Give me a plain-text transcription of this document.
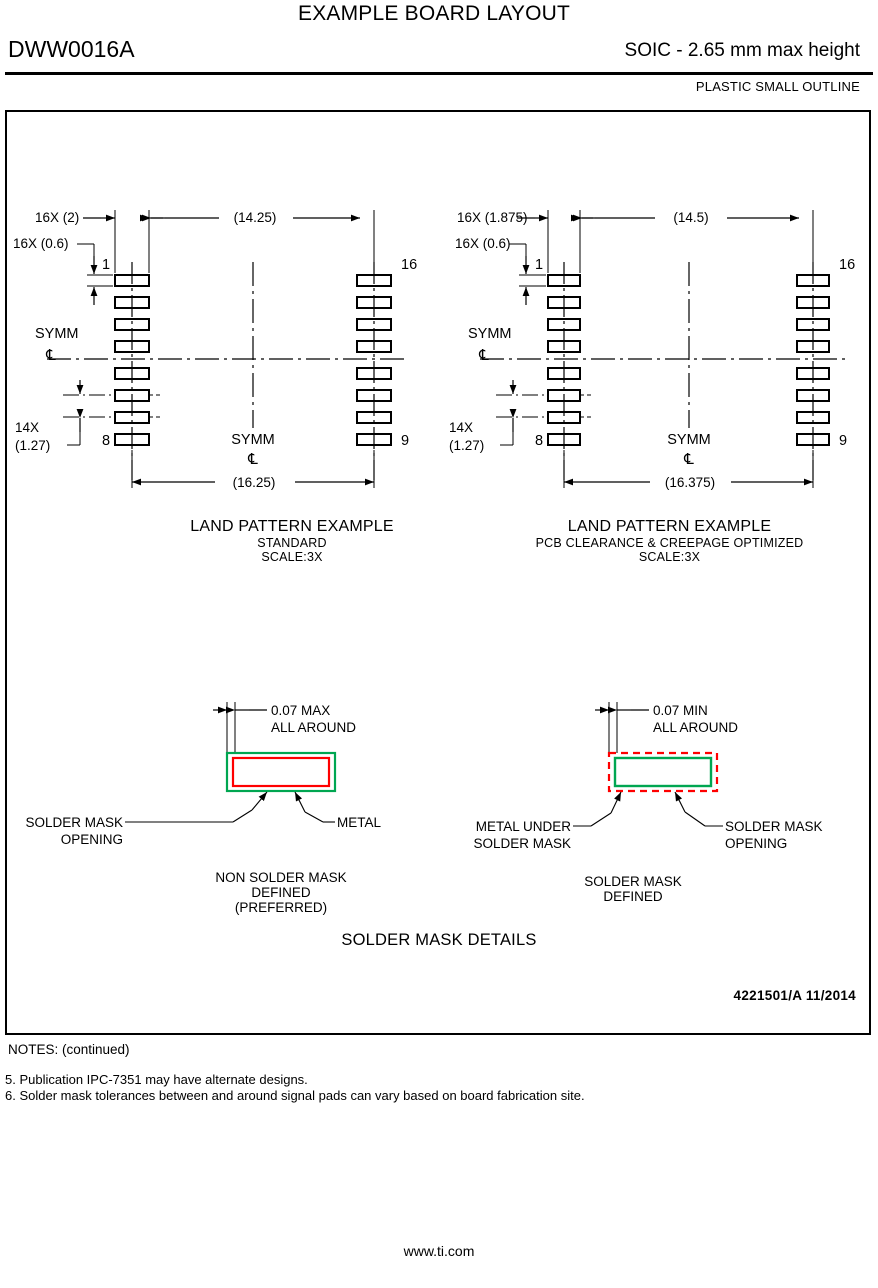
EXAMPLE BOARD LAYOUT
DWW0016A	SOIC - 2.65 mm max height
PLASTIC SMALL OUTLINE
16X (2)	(14.25)
16X (0.6)
1
8
16
9
SYMM
℄
SYMM
℄
14X
(1.27)
(16.25)
16X (1.875)	(14.5)
16X (0.6)
1
8
16
9
SYMM
℄
SYMM
℄
14X
(1.27)
(16.375)
0.07 MAX
ALL AROUND
SOLDER MASK
OPENING
METAL
NON SOLDER MASK
DEFINED
(PREFERRED)
0.07 MIN
ALL AROUND
METAL UNDER
SOLDER MASK
SOLDER MASK
OPENING
SOLDER MASK
DEFINED
LAND PATTERN EXAMPLE
STANDARD
SCALE:3X
LAND PATTERN EXAMPLE
PCB CLEARANCE & CREEPAGE OPTIMIZED
SCALE:3X
SOLDER MASK DETAILS
4221501/A 11/2014
NOTES: (continued)
5. Publication IPC-7351 may have alternate designs.
6. Solder mask tolerances between and around signal pads can vary based on board fabrication site.
www.ti.com
